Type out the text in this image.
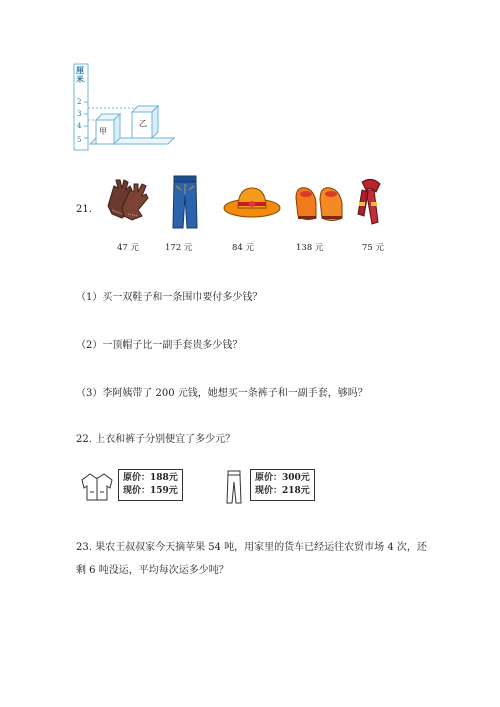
厘米
2
3
4
5
甲
乙
21.
47 元	172 元	84 元	138 元	75 元
（1）买一双鞋子和一条围巾要付多少钱？
（2）一顶帽子比一副手套贵多少钱？
（3）李阿姨带了 200 元钱，她想买一条裤子和一副手套，够吗？
22. 上衣和裤子分别便宜了多少元？
原价：188元
现价：159元
原价：300元
现价：218元
23. 果农王叔叔家今天摘苹果 54 吨，用家里的货车已经运往农贸市场 4 次，还
剩 6 吨没运，平均每次运多少吨？
